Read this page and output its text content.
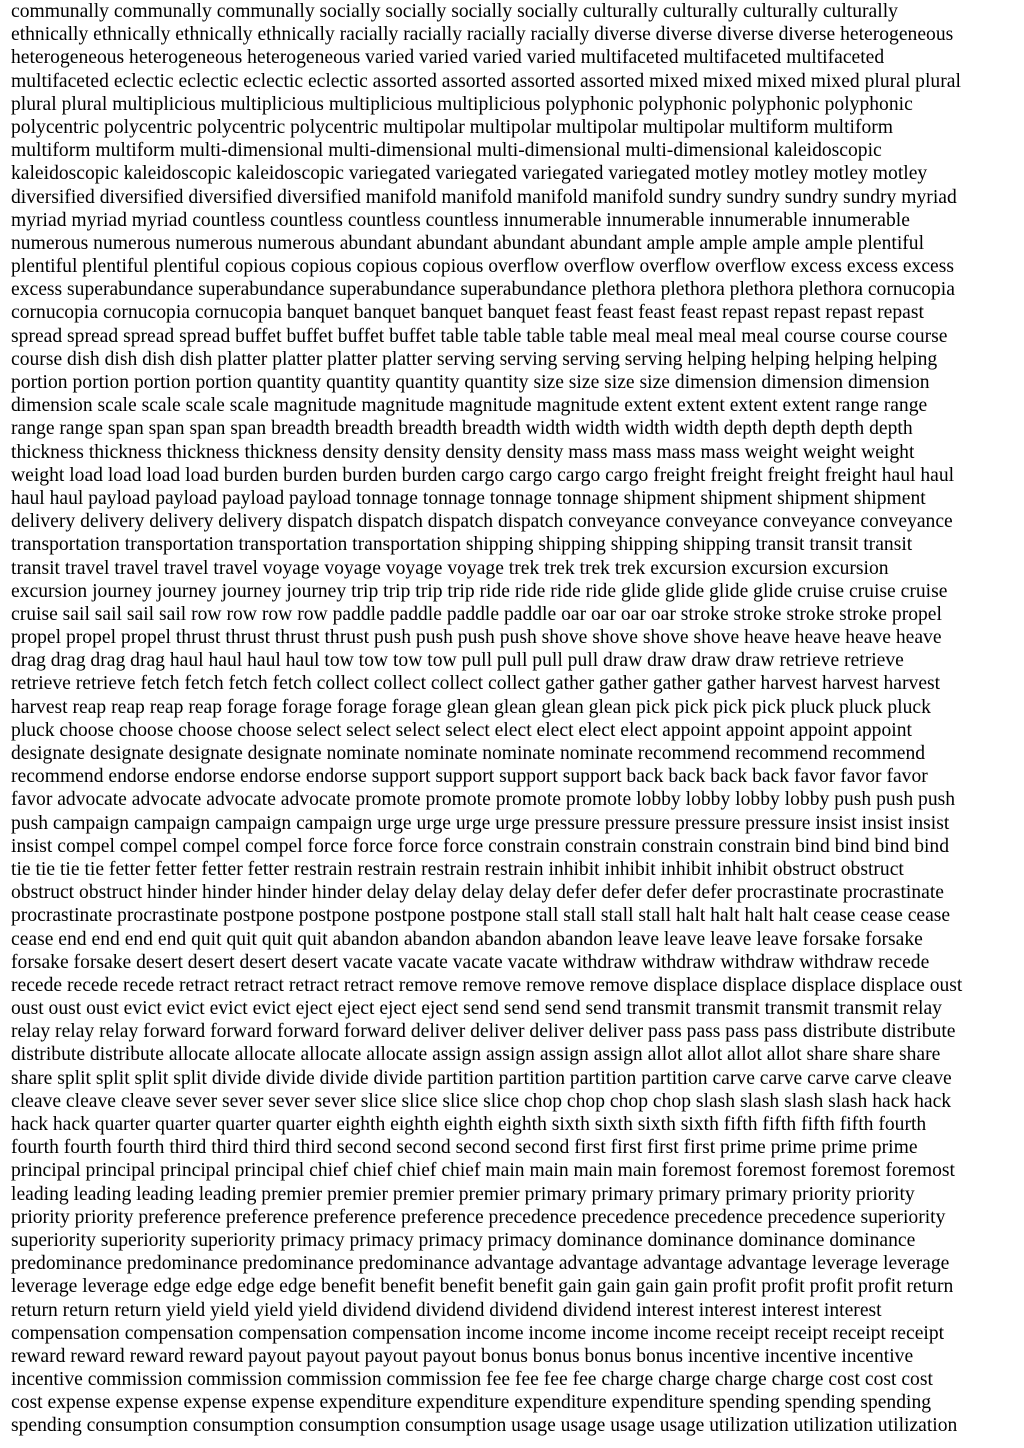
communally communally communally socially socially socially socially culturally culturally culturally culturally
ethnically ethnically ethnically ethnically racially racially racially racially diverse diverse diverse diverse heterogeneous
heterogeneous heterogeneous heterogeneous varied varied varied varied multifaceted multifaceted multifaceted
multifaceted eclectic eclectic eclectic eclectic assorted assorted assorted assorted mixed mixed mixed mixed plural plural
plural plural multiplicious multiplicious multiplicious multiplicious polyphonic polyphonic polyphonic polyphonic
polycentric polycentric polycentric polycentric multipolar multipolar multipolar multipolar multiform multiform
multiform multiform multi-dimensional multi-dimensional multi-dimensional multi-dimensional kaleidoscopic
kaleidoscopic kaleidoscopic kaleidoscopic variegated variegated variegated variegated motley motley motley motley
diversified diversified diversified diversified manifold manifold manifold manifold sundry sundry sundry sundry myriad
myriad myriad myriad countless countless countless countless innumerable innumerable innumerable innumerable
numerous numerous numerous numerous abundant abundant abundant abundant ample ample ample ample plentiful
plentiful plentiful plentiful copious copious copious copious overflow overflow overflow overflow excess excess excess
excess superabundance superabundance superabundance superabundance plethora plethora plethora plethora cornucopia
cornucopia cornucopia cornucopia banquet banquet banquet banquet feast feast feast feast repast repast repast repast
spread spread spread spread buffet buffet buffet buffet table table table table meal meal meal meal course course course
course dish dish dish dish platter platter platter platter serving serving serving serving helping helping helping helping
portion portion portion portion quantity quantity quantity quantity size size size size dimension dimension dimension
dimension scale scale scale scale magnitude magnitude magnitude magnitude extent extent extent extent range range
range range span span span span breadth breadth breadth breadth width width width width depth depth depth depth
thickness thickness thickness thickness density density density density mass mass mass mass weight weight weight
weight load load load load burden burden burden burden cargo cargo cargo cargo freight freight freight freight haul haul
haul haul payload payload payload payload tonnage tonnage tonnage tonnage shipment shipment shipment shipment
delivery delivery delivery delivery dispatch dispatch dispatch dispatch conveyance conveyance conveyance conveyance
transportation transportation transportation transportation shipping shipping shipping shipping transit transit transit
transit travel travel travel travel voyage voyage voyage voyage trek trek trek trek excursion excursion excursion
excursion journey journey journey journey trip trip trip trip ride ride ride ride glide glide glide glide cruise cruise cruise
cruise sail sail sail sail row row row row paddle paddle paddle paddle oar oar oar oar stroke stroke stroke stroke propel
propel propel propel thrust thrust thrust thrust push push push push shove shove shove shove heave heave heave heave
drag drag drag drag haul haul haul haul tow tow tow tow pull pull pull pull draw draw draw draw retrieve retrieve
retrieve retrieve fetch fetch fetch fetch collect collect collect collect gather gather gather gather harvest harvest harvest
harvest reap reap reap reap forage forage forage forage glean glean glean glean pick pick pick pick pluck pluck pluck
pluck choose choose choose choose select select select select elect elect elect elect appoint appoint appoint appoint
designate designate designate designate nominate nominate nominate nominate recommend recommend recommend
recommend endorse endorse endorse endorse support support support support back back back back favor favor favor
favor advocate advocate advocate advocate promote promote promote promote lobby lobby lobby lobby push push push
push campaign campaign campaign campaign urge urge urge urge pressure pressure pressure pressure insist insist insist
insist compel compel compel compel force force force force constrain constrain constrain constrain bind bind bind bind
tie tie tie tie fetter fetter fetter fetter restrain restrain restrain restrain inhibit inhibit inhibit inhibit obstruct obstruct
obstruct obstruct hinder hinder hinder hinder delay delay delay delay defer defer defer defer procrastinate procrastinate
procrastinate procrastinate postpone postpone postpone postpone stall stall stall stall halt halt halt halt cease cease cease
cease end end end end quit quit quit quit abandon abandon abandon abandon leave leave leave leave forsake forsake
forsake forsake desert desert desert desert vacate vacate vacate vacate withdraw withdraw withdraw withdraw recede
recede recede recede retract retract retract retract remove remove remove remove displace displace displace displace oust
oust oust oust evict evict evict evict eject eject eject eject send send send send transmit transmit transmit transmit relay
relay relay relay forward forward forward forward deliver deliver deliver deliver pass pass pass pass distribute distribute
distribute distribute allocate allocate allocate allocate assign assign assign assign allot allot allot allot share share share
share split split split split divide divide divide divide partition partition partition partition carve carve carve carve cleave
cleave cleave cleave sever sever sever sever slice slice slice slice chop chop chop chop slash slash slash slash hack hack
hack hack quarter quarter quarter quarter eighth eighth eighth eighth sixth sixth sixth sixth fifth fifth fifth fifth fourth
fourth fourth fourth third third third third second second second second first first first first prime prime prime prime
principal principal principal principal chief chief chief chief main main main main foremost foremost foremost foremost
leading leading leading leading premier premier premier premier primary primary primary primary priority priority
priority priority preference preference preference preference precedence precedence precedence precedence superiority
superiority superiority superiority primacy primacy primacy primacy dominance dominance dominance dominance
predominance predominance predominance predominance advantage advantage advantage advantage leverage leverage
leverage leverage edge edge edge edge benefit benefit benefit benefit gain gain gain gain profit profit profit profit return
return return return yield yield yield yield dividend dividend dividend dividend interest interest interest interest
compensation compensation compensation compensation income income income income receipt receipt receipt receipt
reward reward reward reward payout payout payout payout bonus bonus bonus bonus incentive incentive incentive
incentive commission commission commission commission fee fee fee fee charge charge charge charge cost cost cost
cost expense expense expense expense expenditure expenditure expenditure expenditure spending spending spending
spending consumption consumption consumption consumption usage usage usage usage utilization utilization utilization
